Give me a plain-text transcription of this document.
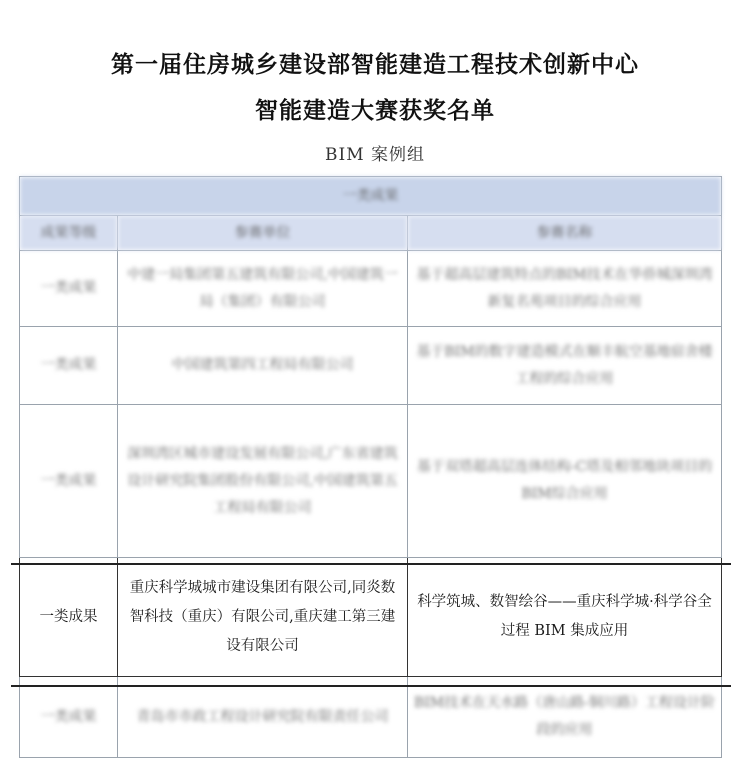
第一届住房城乡建设部智能建造工程技术创新中心
智能建造大赛获奖名单
BIM 案例组
一类成果		
成果等级	参赛单位	参赛名称
一类成果	中建一局集团第五建筑有限公司,中国建筑一局（集团）有限公司	基于超高层建筑特点的BIM技术在华侨城深圳湾新复名苑项目的综合应用
一类成果	中国建筑第四工程局有限公司	基于BIM的数字建造模式在顺丰航空基地宿舍楼工程的综合应用
一类成果	深圳湾区城市建设发展有限公司,广东省建筑设计研究院集团股份有限公司,中国建筑第五工程局有限公司	基于双塔超高层连体结构-C塔及相邻地块项目的BIM综合应用
一类成果	重庆科学城城市建设集团有限公司,同炎数智科技（重庆）有限公司,重庆建工第三建设有限公司	科学筑城、数智绘谷——重庆科学城·科学谷全过程 BIM 集成应用
一类成果	青岛市市政工程设计研究院有限责任公司	BIM技术在天水路（唐山路-铜川路）工程设计阶段的应用
